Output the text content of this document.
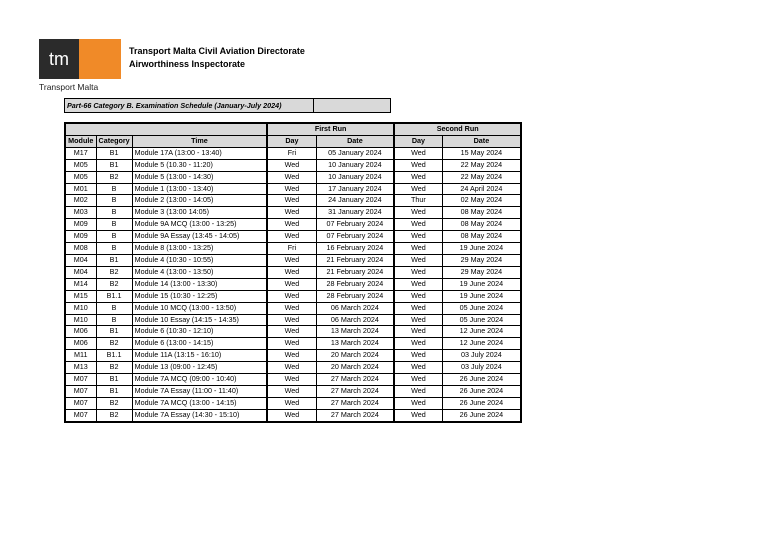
tm
Transport Malta
Transport Malta Civil Aviation Directorate
Airworthiness Inspectorate
Part-66 Category B. Examination Schedule (January-July 2024)
			First Run		Second Run	
Module	Category	Time	Day	Date	Day	Date
M17	B1	Module 17A (13:00 - 13:40)	Fri	05 January 2024	Wed	15 May 2024
M05	B1	Module 5 (10.30 - 11:20)	Wed	10 January 2024	Wed	22 May 2024
M05	B2	Module 5 (13:00 - 14:30)	Wed	10 January 2024	Wed	22 May 2024
M01	B	Module 1 (13:00 - 13:40)	Wed	17 January 2024	Wed	24 April 2024
M02	B	Module 2 (13:00 - 14:05)	Wed	24 January 2024	Thur	02 May 2024
M03	B	Module 3 (13:00 14:05)	Wed	31 January 2024	Wed	08 May 2024
M09	B	Module 9A MCQ (13:00 - 13:25)	Wed	07 February 2024	Wed	08 May 2024
M09	B	Module 9A Essay (13:45 - 14:05)	Wed	07 February 2024	Wed	08 May 2024
M08	B	Module 8 (13:00 - 13:25)	Fri	16 February 2024	Wed	19 June 2024
M04	B1	Module 4 (10:30 - 10:55)	Wed	21 February 2024	Wed	29 May 2024
M04	B2	Module 4 (13:00 - 13:50)	Wed	21 February 2024	Wed	29 May 2024
M14	B2	Module 14 (13:00 - 13:30)	Wed	28 February 2024	Wed	19 June 2024
M15	B1.1	Module 15 (10:30 - 12:25)	Wed	28 February 2024	Wed	19 June 2024
M10	B	Module 10 MCQ (13:00 - 13:50)	Wed	06 March 2024	Wed	05 June 2024
M10	B	Module 10 Essay (14:15 - 14:35)	Wed	06 March 2024	Wed	05 June 2024
M06	B1	Module 6 (10:30 - 12:10)	Wed	13 March 2024	Wed	12 June 2024
M06	B2	Module 6 (13:00 - 14:15)	Wed	13 March 2024	Wed	12 June 2024
M11	B1.1	Module 11A (13:15 - 16:10)	Wed	20 March 2024	Wed	03 July 2024
M13	B2	Module 13 (09:00 - 12:45)	Wed	20 March 2024	Wed	03 July 2024
M07	B1	Module 7A MCQ (09:00 - 10:40)	Wed	27 March 2024	Wed	26 June 2024
M07	B1	Module 7A Essay (11:00 - 11:40)	Wed	27 March 2024	Wed	26 June 2024
M07	B2	Module 7A MCQ (13:00 - 14:15)	Wed	27 March 2024	Wed	26 June 2024
M07	B2	Module 7A Essay (14:30 - 15:10)	Wed	27 March 2024	Wed	26 June 2024
